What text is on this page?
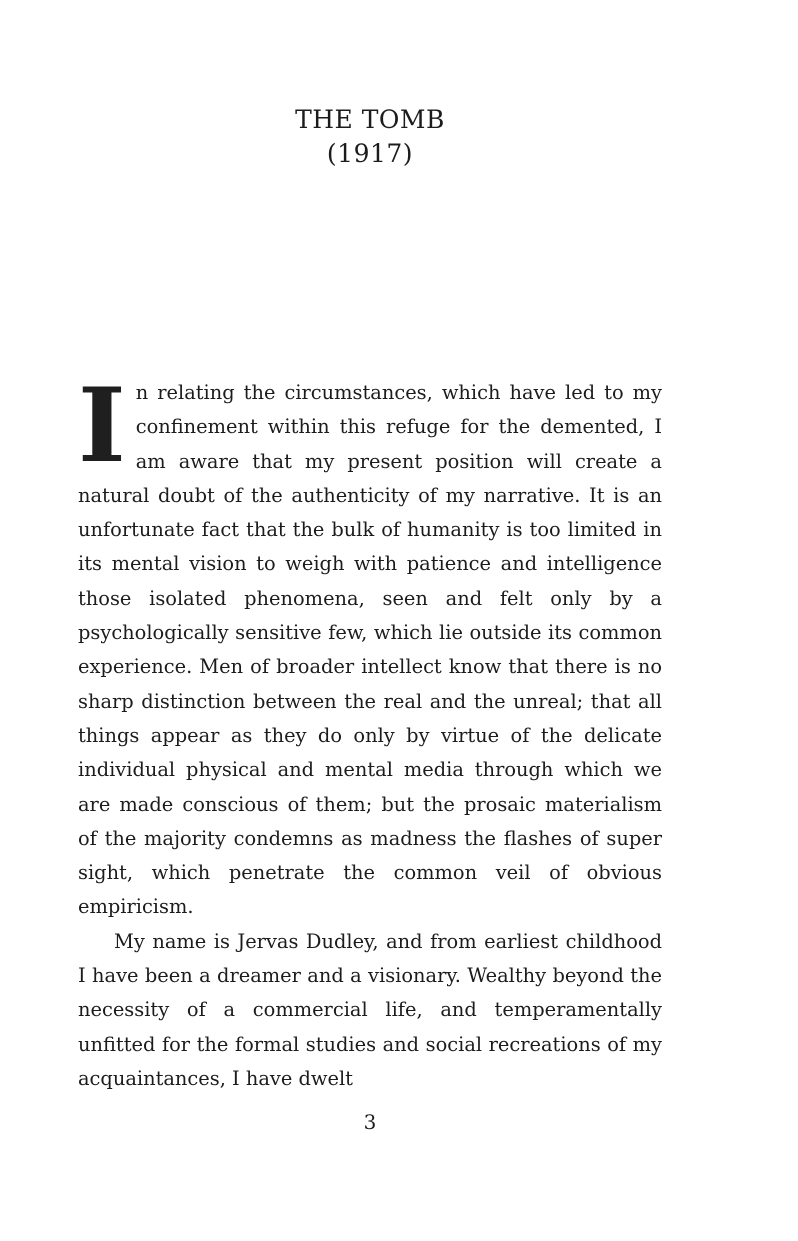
THE TOMB
(1917)

In relating the circumstances, which have led to my confinement within this refuge for the demented, I am aware that my present position will create a natural doubt of the authenticity of my narrative. It is an unfortunate fact that the bulk of humanity is too limited in its mental vision to weigh with patience and intelligence those isolated phenomena, seen and felt only by a psychologically sensitive few, which lie outside its common experience. Men of broader intellect know that there is no sharp distinction between the real and the unreal; that all things appear as they do only by virtue of the delicate individual physical and mental media through which we are made conscious of them; but the prosaic materialism of the majority condemns as madness the flashes of super sight, which penetrate the common veil of obvious empiricism.

My name is Jervas Dudley, and from earliest childhood I have been a dreamer and a visionary. Wealthy beyond the necessity of a commercial life, and temperamentally unfitted for the formal studies and social recreations of my acquaintances, I have dwelt

3
